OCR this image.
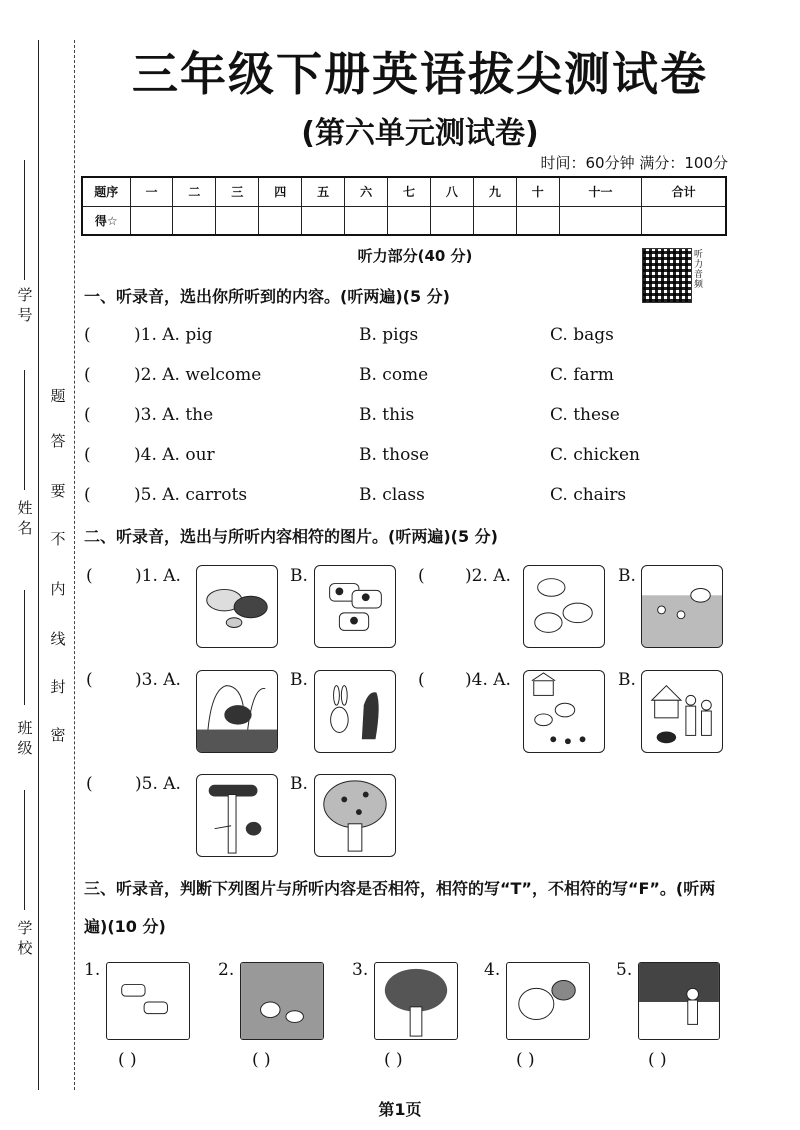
学号
姓名
班级
学校
题
答
要
不
内
线
封
密
三年级下册英语拔尖测试卷
(第六单元测试卷)
时间：60分钟 满分：100分
题序	一	二	三	四	五	六	七	八	九	十	十一	合计
得☆												
听力部分(40 分)	听力音频
一、听录音，选出你所听到的内容。(听两遍)(5 分)
(	)1. A. pig	B. pigs	C. bags
(	)2. A. welcome	B. come	C. farm
(	)3. A. the	B. this	C. these
(	)4. A. our	B. those	C. chicken
(	)5. A. carrots	B. class	C. chairs
二、听录音，选出与所听内容相符的图片。(听两遍)(5 分)
( )1. A.	B.	( )2. A.	B.
( )3. A.	B.	( )4. A.	B.
( )5. A.	B.
三、听录音，判断下列图片与所听内容是否相符，相符的写“T”，不相符的写“F”。(听两遍)(10 分)
1.
( )
2.
( )
3.
( )
4.
( )
5.
( )
第1页
